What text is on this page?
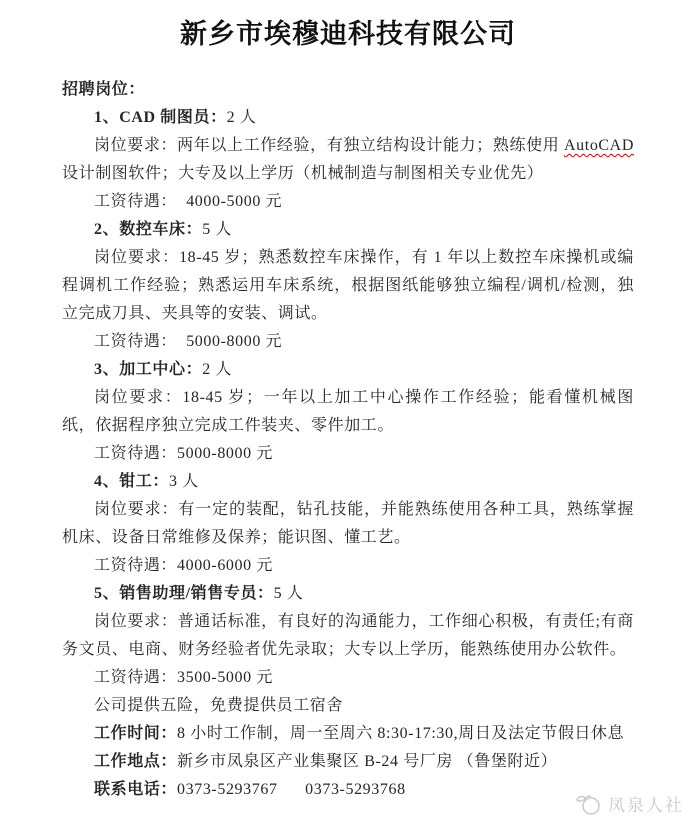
新乡市埃穆迪科技有限公司

招聘岗位：

1、CAD 制图员：2 人

岗位要求：两年以上工作经验，有独立结构设计能力；熟练使用 AutoCAD 设计制图软件；大专及以上学历（机械制造与制图相关专业优先）

工资待遇：  4000-5000 元

2、数控车床：5 人

岗位要求：18-45 岁；熟悉数控车床操作，有 1 年以上数控车床操机或编程调机工作经验；熟悉运用车床系统，根据图纸能够独立编程/调机/检测，独立完成刀具、夹具等的安装、调试。

工资待遇：  5000-8000 元

3、加工中心：2 人

岗位要求：18-45 岁；一年以上加工中心操作工作经验；能看懂机械图纸，依据程序独立完成工件装夹、零件加工。

工资待遇：5000-8000 元

4、钳工：3 人

岗位要求：有一定的装配，钻孔技能，并能熟练使用各种工具，熟练掌握机床、设备日常维修及保养；能识图、懂工艺。

工资待遇：4000-6000 元

5、销售助理/销售专员：5 人

岗位要求：普通话标准，有良好的沟通能力，工作细心积极，有责任;有商务文员、电商、财务经验者优先录取；大专以上学历，能熟练使用办公软件。

工资待遇：3500-5000 元

公司提供五险，免费提供员工宿舍

工作时间：8 小时工作制，周一至周六 8:30-17:30,周日及法定节假日休息

工作地点：新乡市凤泉区产业集聚区 B-24 号厂房 （鲁堡附近）

联系电话：0373-5293767      0373-5293768

凤泉人社
